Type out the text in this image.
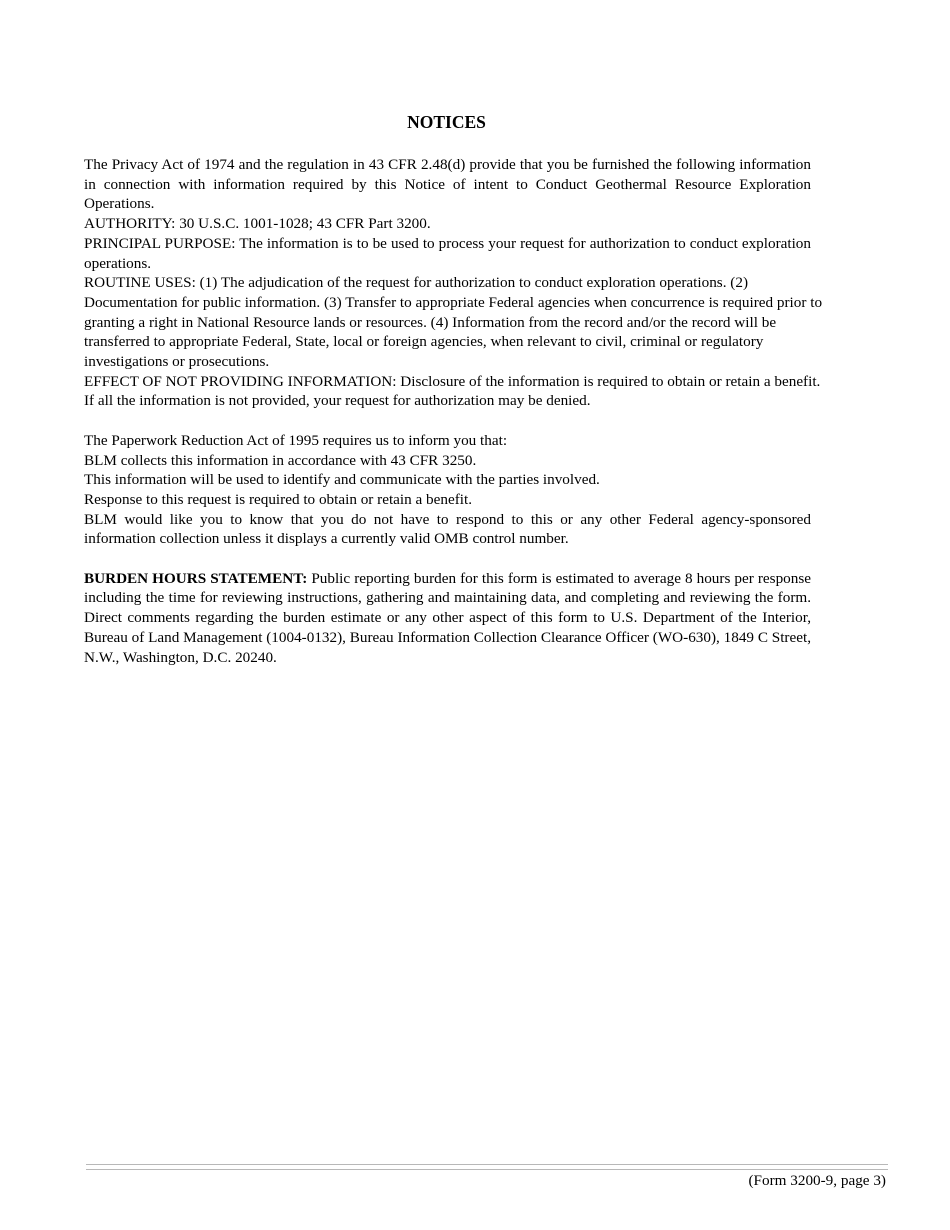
NOTICES

The Privacy Act of 1974 and the regulation in 43 CFR 2.48(d) provide that you be furnished the following information in connection with information required by this Notice of intent to Conduct Geothermal Resource Exploration Operations.

AUTHORITY: 30 U.S.C. 1001-1028; 43 CFR Part 3200.

PRINCIPAL PURPOSE: The information is to be used to process your request for authorization to conduct exploration operations.

ROUTINE USES: (1) The adjudication of the request for authorization to conduct exploration operations. (2) Documentation for public information. (3) Transfer to appropriate Federal agencies when concurrence is required prior to granting a right in National Resource lands or resources. (4) Information from the record and/or the record will be transferred to appropriate Federal, State, local or foreign agencies, when relevant to civil, criminal or regulatory investigations or prosecutions.

EFFECT OF NOT PROVIDING INFORMATION: Disclosure of the information is required to obtain or retain a benefit. If all the information is not provided, your request for authorization may be denied.

The Paperwork Reduction Act of 1995 requires us to inform you that:

BLM collects this information in accordance with 43 CFR 3250.

This information will be used to identify and communicate with the parties involved.

Response to this request is required to obtain or retain a benefit.

BLM would like you to know that you do not have to respond to this or any other Federal agency-sponsored information collection unless it displays a currently valid OMB control number.

BURDEN HOURS STATEMENT: Public reporting burden for this form is estimated to average 8 hours per response including the time for reviewing instructions, gathering and maintaining data, and completing and reviewing the form. Direct comments regarding the burden estimate or any other aspect of this form to U.S. Department of the Interior, Bureau of Land Management (1004-0132), Bureau Information Collection Clearance Officer (WO-630), 1849 C Street, N.W., Washington, D.C. 20240.

(Form 3200-9, page 3)
